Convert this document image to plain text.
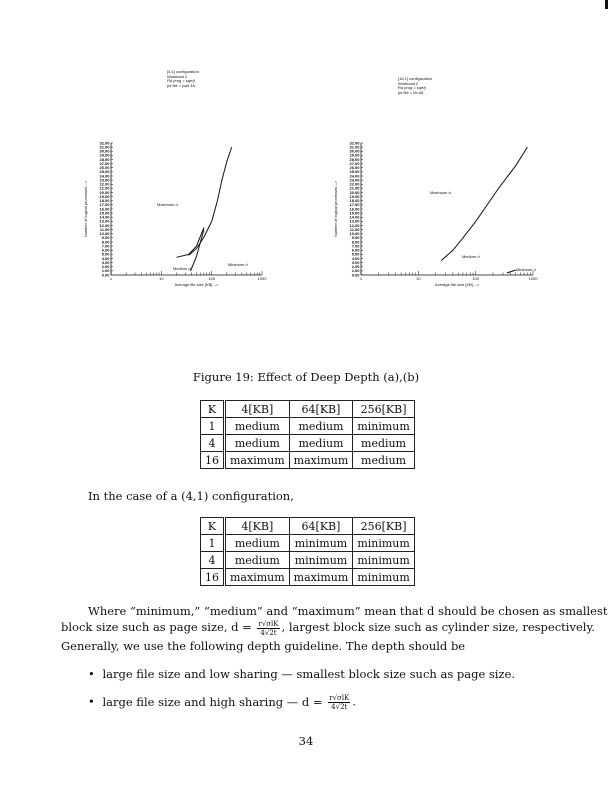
[4,1] configuration
Workload 2
Rd prog = sqrt(t
pe file = part 4A
[16,1] configuration
Workload 2
Rd prog = sqrt(t
pe file = M=48
0.00
1.00
2.00
3.00
4.00
5.00
6.00
7.00
8.00
9.00
10.00
11.00
12.00
13.00
14.00
15.00
16.00
17.00
18.00
19.00
20.00
21.00
22.00
23.00
24.00
25.00
26.00
27.00
28.00
29.00
30.00
31.00
32.00
1	10	100	1000
Average file size [KB] -->
Number of logical processes -->	Maximum d
Minimum d
Medium d
0.00
1.00
2.00
3.00
4.00
5.00
6.00
7.00
8.00
9.00
10.00
11.00
12.00
13.00
14.00
15.00
16.00
17.00
18.00
19.00
20.00
21.00
22.00
23.00
24.00
25.00
26.00
27.00
28.00
29.00
30.00
31.00
32.00
1	10	100	1000
Average file size [KB] -->
Number of logical processes -->	Maximum d
Medium d
Minimum d
Figure 19: Effect of Deep Depth (a),(b)
K	4[KB]	64[KB]	256[KB]
1	medium	medium	minimum
4	medium	medium	medium
16	maximum	maximum	medium
In the case of a (4,1) configuration,
K	4[KB]	64[KB]	256[KB]
1	medium	minimum	minimum
4	medium	minimum	minimum
16	maximum	maximum	minimum
Where “minimum,” “medium” and “maximum” mean that d should be chosen as smallest
block size such as page size, $d = \frac{\text{r√σlK}}{4√2t}$ , largest block size such as cylinder size, respectively.
Generally, we use the following depth guideline. The depth should be
• large file size and low sharing — smallest block size such as page size.
• large file size and high sharing — $d = \frac{\text{r√σlK}}{4√2t}$ .
34
